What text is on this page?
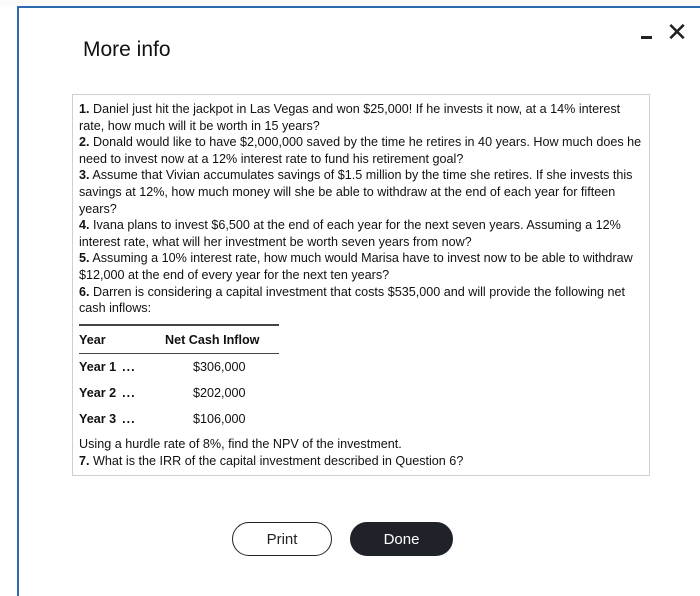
More info
✕

1. Daniel just hit the jackpot in Las Vegas and won $25,000! If he invests it now, at a 14% interest rate, how much will it be worth in 15 years?

2. Donald would like to have $2,000,000 saved by the time he retires in 40 years. How much does he need to invest now at a 12% interest rate to fund his retirement goal?

3. Assume that Vivian accumulates savings of $1.5 million by the time she retires. If she invests this savings at 12%, how much money will she be able to withdraw at the end of each year for fifteen years?

4. Ivana plans to invest $6,500 at the end of each year for the next seven years. Assuming a 12% interest rate, what will her investment be worth seven years from now?

5. Assuming a 10% interest rate, how much would Marisa have to invest now to be able to withdraw $12,000 at the end of every year for the next ten years?

6. Darren is considering a capital investment that costs $535,000 and will provide the following net cash inflows:

Year	Net Cash Inflow
Year 1 ...	$306,000
Year 2 ...	$202,000
Year 3 ...	$106,000

Using a hurdle rate of 8%, find the NPV of the investment.

7. What is the IRR of the capital investment described in Question 6?

Print	Done
